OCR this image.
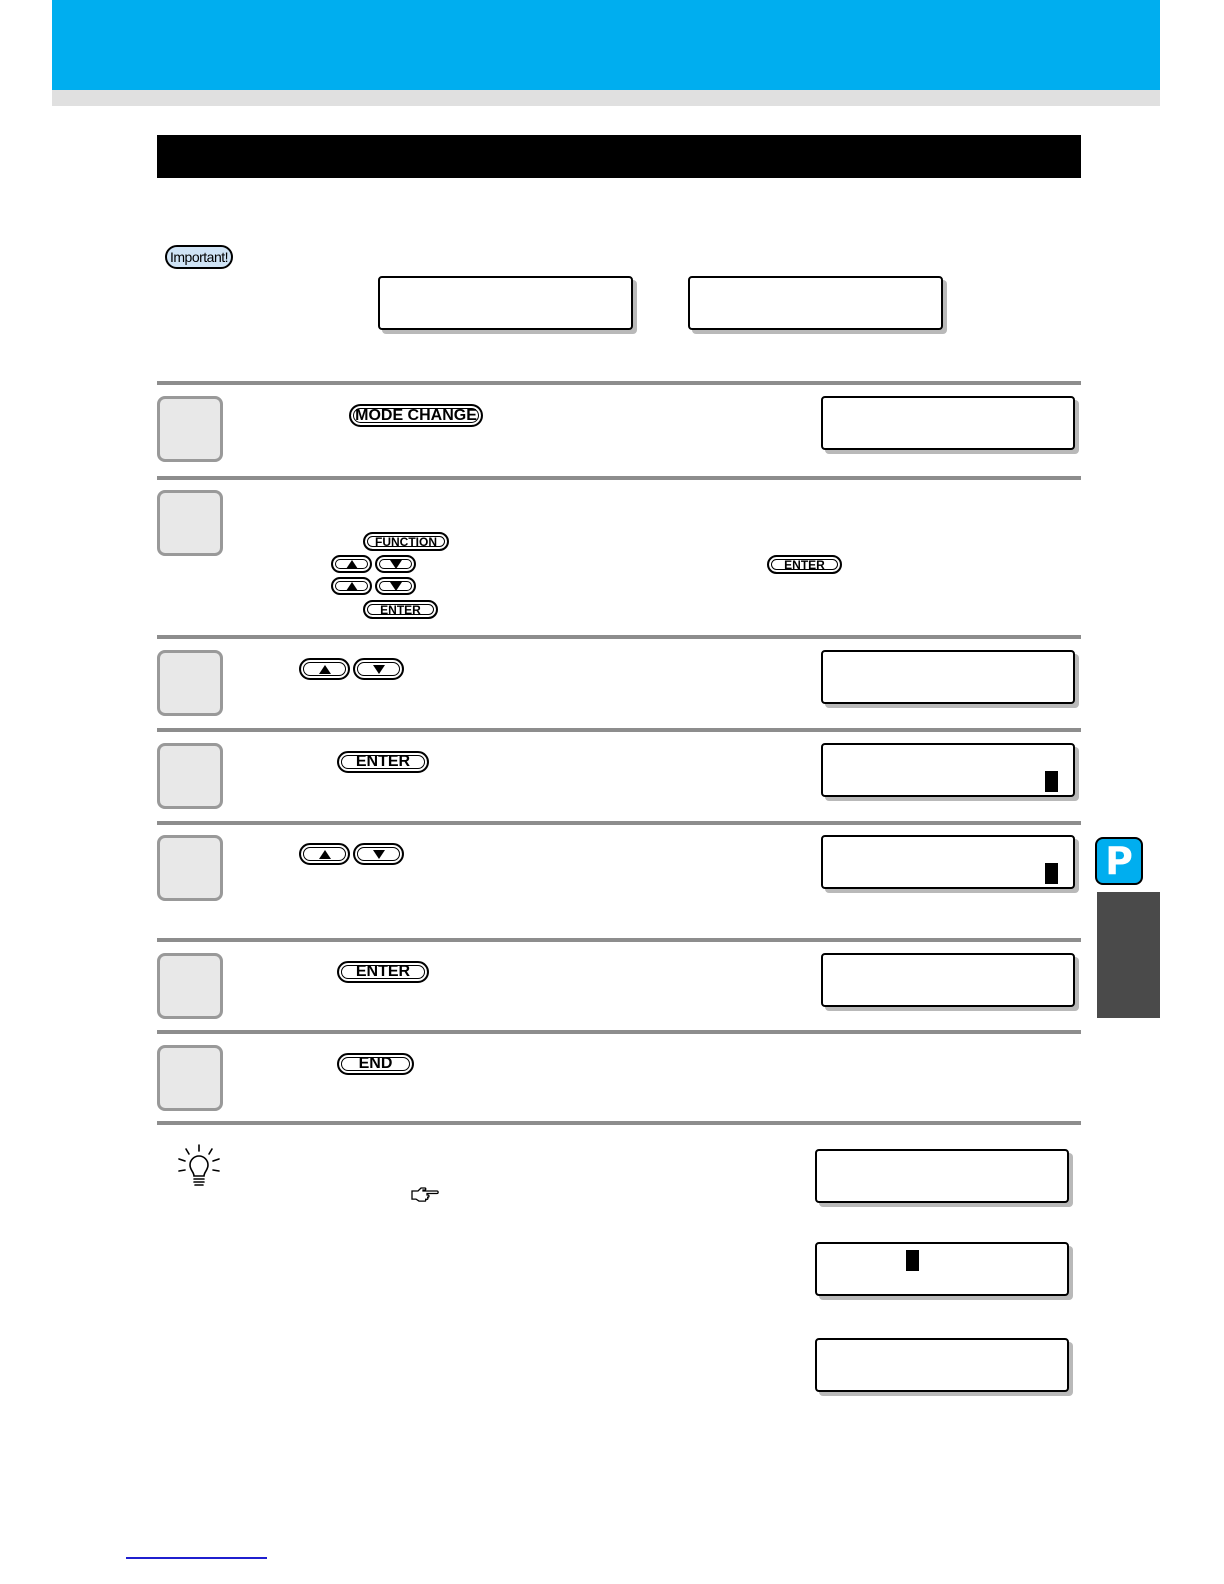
Important!
MODE CHANGE
FUNCTION
ENTER
ENTER
ENTER
ENTER
END
P
